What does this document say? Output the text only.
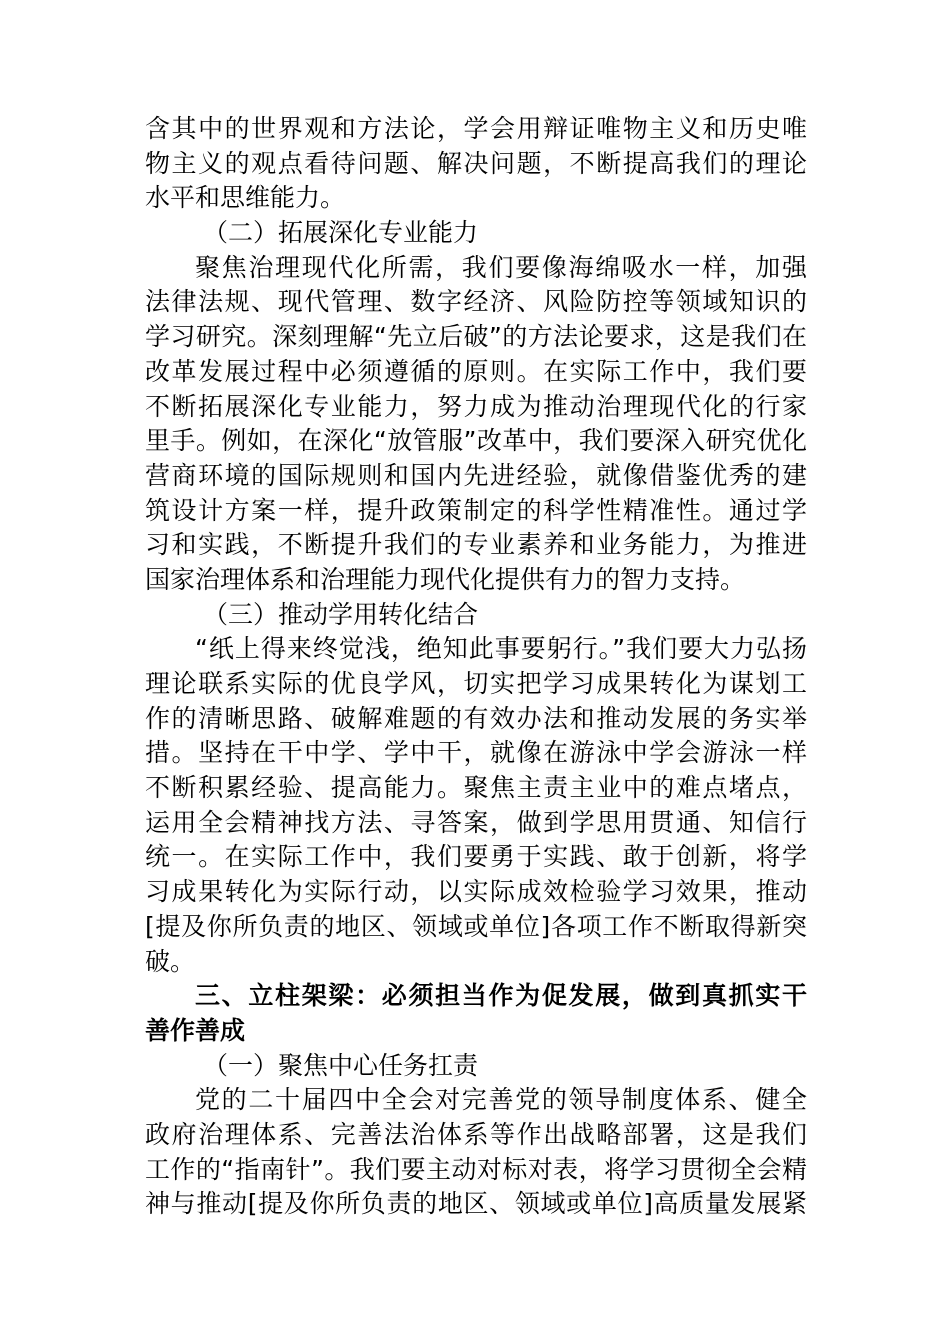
含其中的世界观和方法论，学会用辩证唯物主义和历史唯
物主义的观点看待问题、解决问题，不断提高我们的理论
水平和思维能力。
（二）拓展深化专业能力
聚焦治理现代化所需，我们要像海绵吸水一样，加强
法律法规、现代管理、数字经济、风险防控等领域知识的
学习研究。深刻理解“先立后破”的方法论要求，这是我们在
改革发展过程中必须遵循的原则。在实际工作中，我们要
不断拓展深化专业能力，努力成为推动治理现代化的行家
里手。例如，在深化“放管服”改革中，我们要深入研究优化
营商环境的国际规则和国内先进经验，就像借鉴优秀的建
筑设计方案一样，提升政策制定的科学性精准性。通过学
习和实践，不断提升我们的专业素养和业务能力，为推进
国家治理体系和治理能力现代化提供有力的智力支持。
（三）推动学用转化结合
“纸上得来终觉浅，绝知此事要躬行。”我们要大力弘扬
理论联系实际的优良学风，切实把学习成果转化为谋划工
作的清晰思路、破解难题的有效办法和推动发展的务实举
措。坚持在干中学、学中干，就像在游泳中学会游泳一样
不断积累经验、提高能力。聚焦主责主业中的难点堵点，
运用全会精神找方法、寻答案，做到学思用贯通、知信行
统一。在实际工作中，我们要勇于实践、敢于创新，将学
习成果转化为实际行动，以实际成效检验学习效果，推动
[提及你所负责的地区、领域或单位]各项工作不断取得新突
破。
三、立柱架梁：必须担当作为促发展，做到真抓实干
善作善成
（一）聚焦中心任务扛责
党的二十届四中全会对完善党的领导制度体系、健全
政府治理体系、完善法治体系等作出战略部署，这是我们
工作的“指南针”。我们要主动对标对表，将学习贯彻全会精
神与推动[提及你所负责的地区、领域或单位]高质量发展紧
